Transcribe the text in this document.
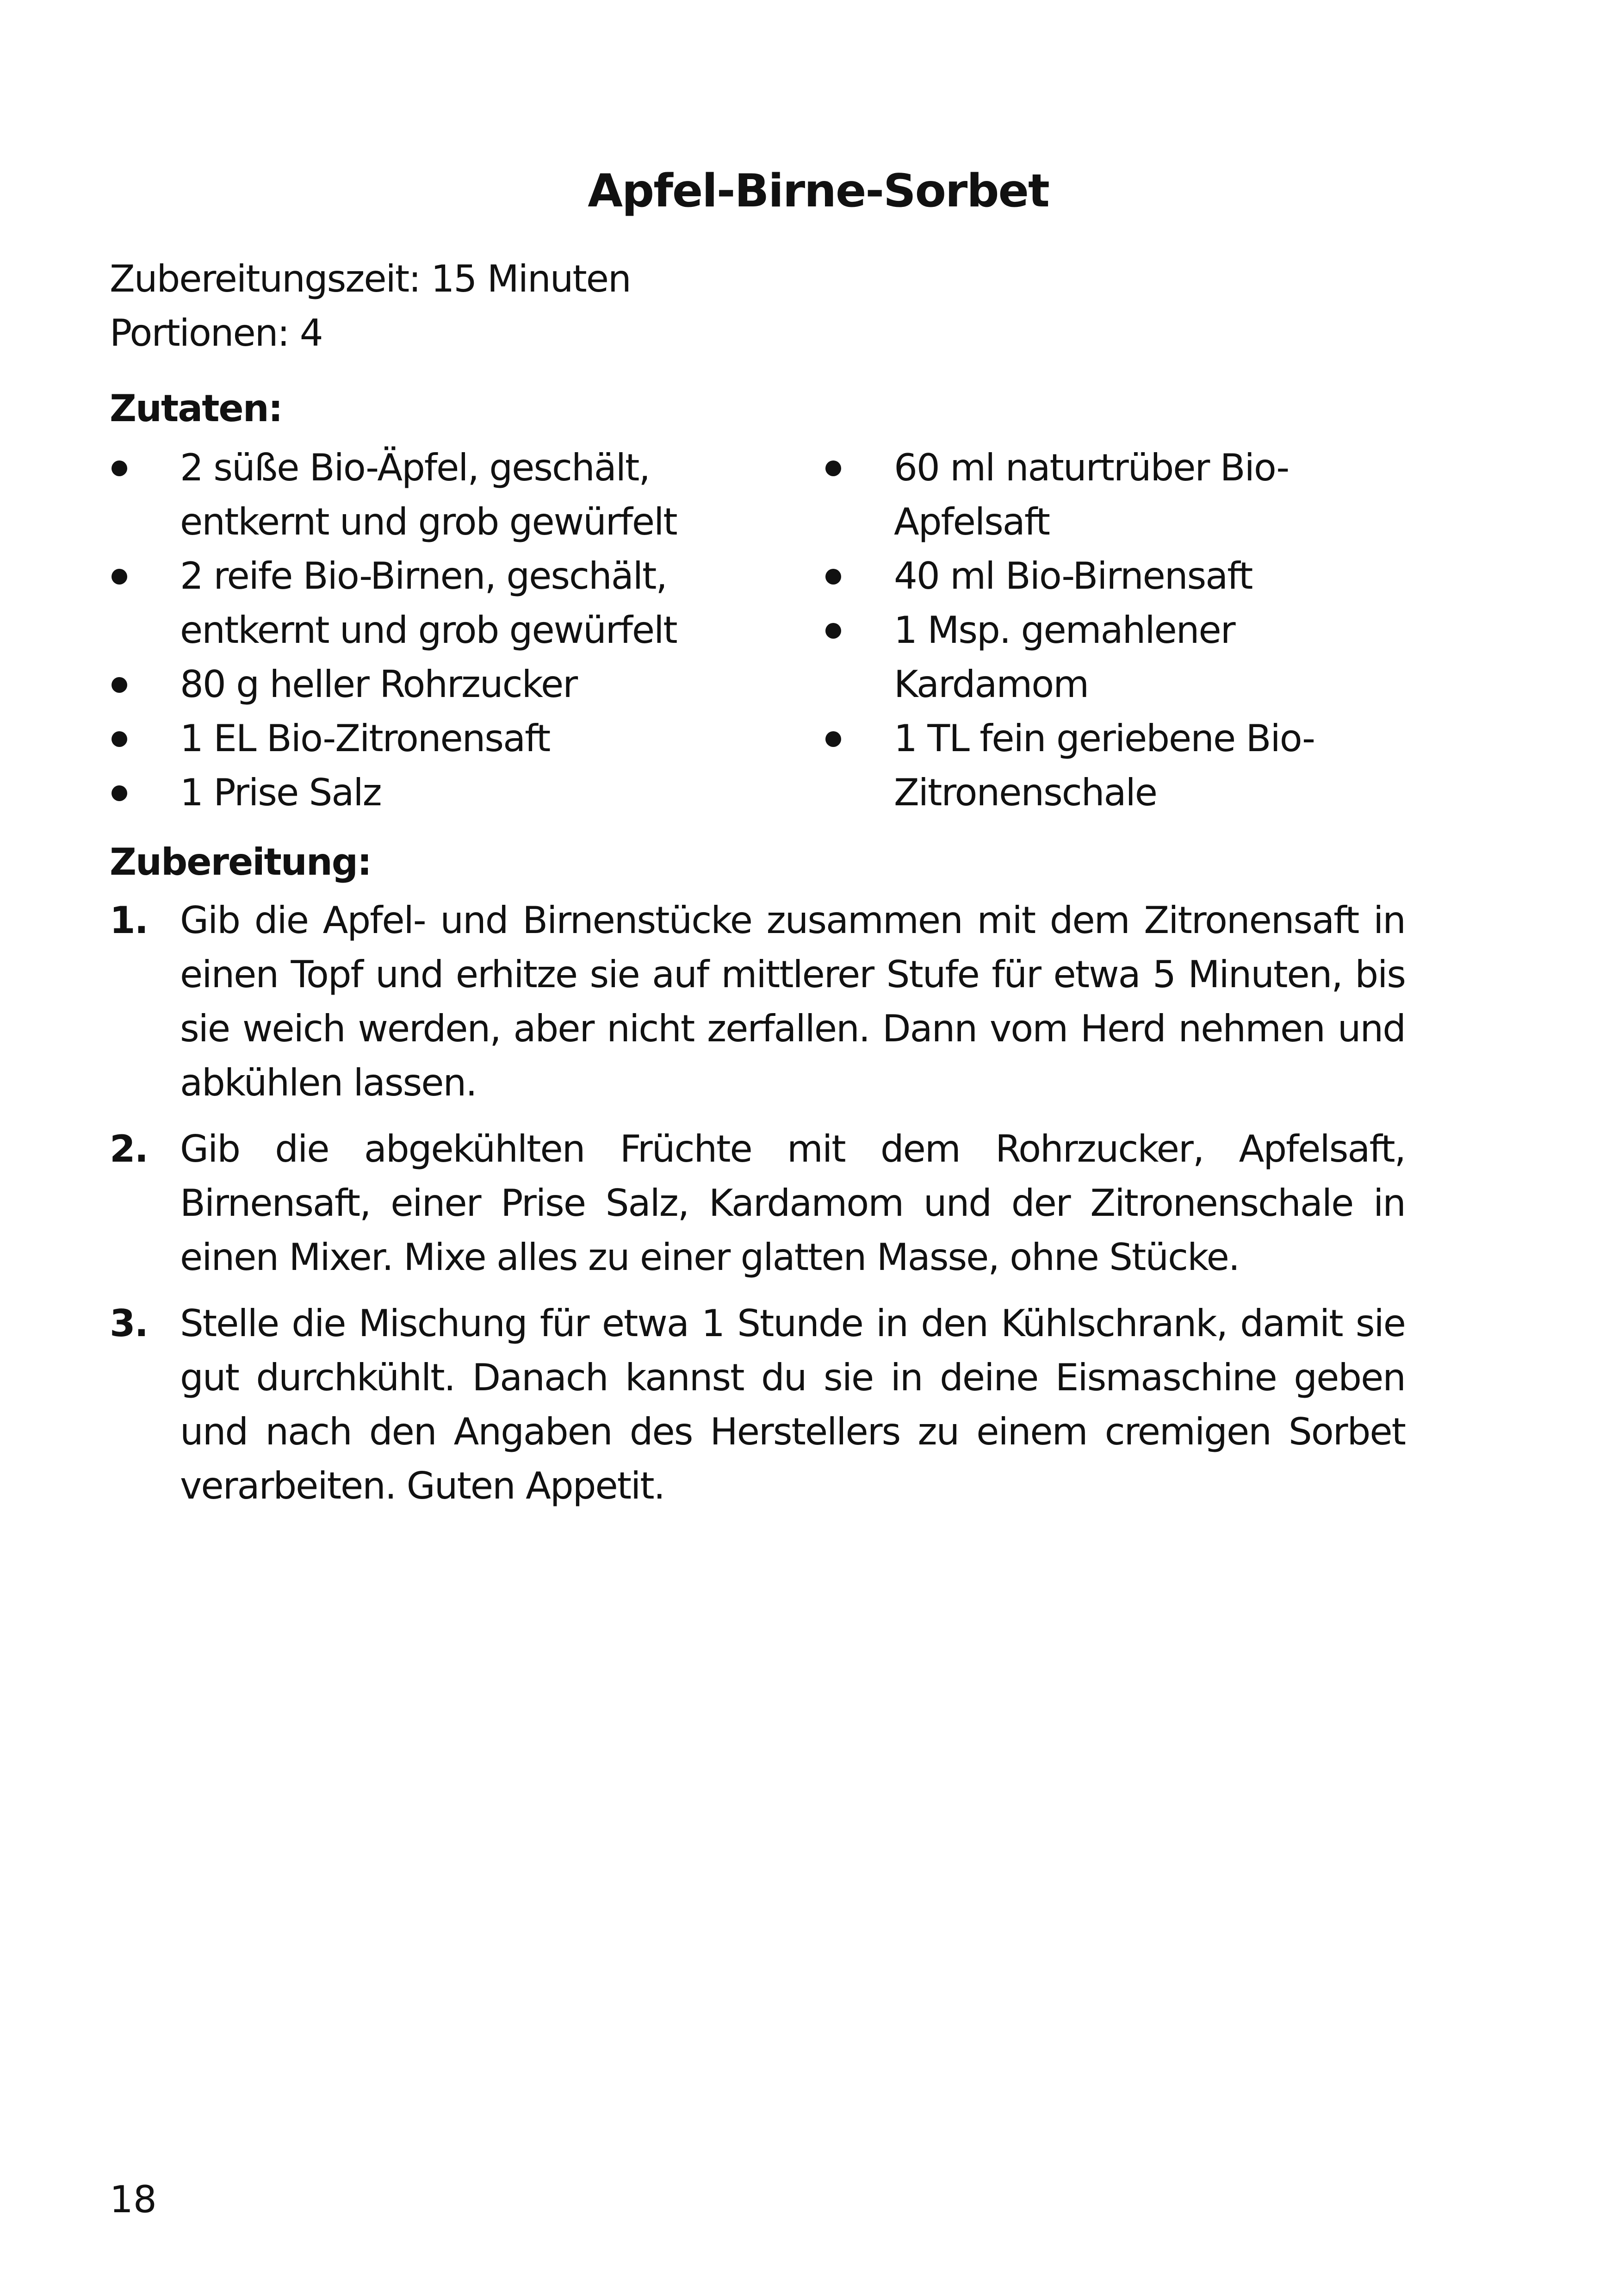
Apfel-Birne-Sorbet

Zubereitungszeit: 15 Minuten

Portionen: 4

Zutaten:
2 süße Bio-Äpfel, geschält, entkernt und grob gewürfelt
2 reife Bio-Birnen, geschält, entkernt und grob gewürfelt
80 g heller Rohrzucker
1 EL Bio-Zitronensaft
1 Prise Salz
60 ml naturtrüber Bio-Apfelsaft
40 ml Bio-Birnensaft
1 Msp. gemahlener Kardamom
1 TL fein geriebene Bio-Zitronenschale
Zubereitung:
1. Gib die Apfel- und Birnenstücke zusammen mit dem Zitronensaft in einen Topf und erhitze sie auf mittlerer Stufe für etwa 5 Minuten, bis sie weich werden, aber nicht zerfallen. Dann vom Herd nehmen und abkühlen lassen.
2. Gib die abgekühlten Früchte mit dem Rohrzucker, Apfelsaft, Birnensaft, einer Prise Salz, Kardamom und der Zitronenschale in einen Mixer. Mixe alles zu einer glatten Masse, ohne Stücke.
3. Stelle die Mischung für etwa 1 Stunde in den Kühlschrank, damit sie gut durchkühlt. Danach kannst du sie in deine Eismaschine geben und nach den Angaben des Herstellers zu einem cremigen Sorbet verarbeiten. Guten Appetit.

18
